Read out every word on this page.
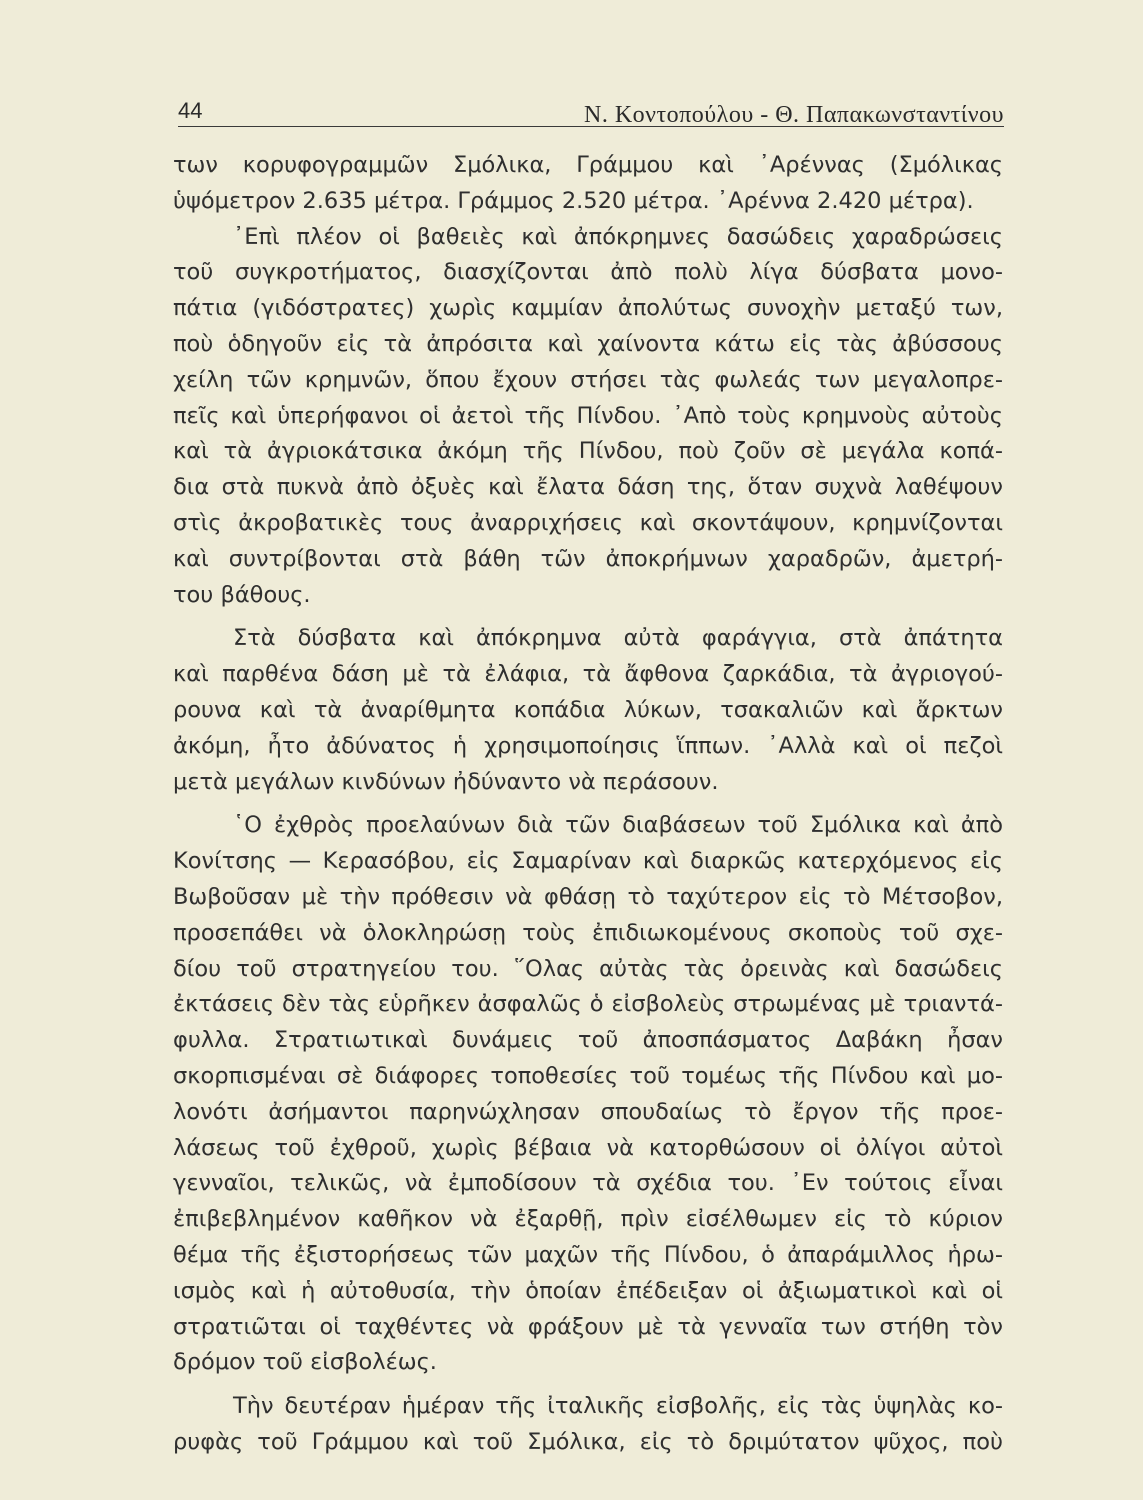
44	Ν. Κοντοπούλου - Θ. Παπακωνσταντίνου
των κορυφογραμμῶν Σμόλικα, Γράμμου καὶ ᾿Αρέννας (Σμόλικας
ὑψόμετρον 2.635 μέτρα. Γράμμος 2.520 μέτρα. ᾿Αρέννα 2.420 μέτρα).
᾿Επὶ πλέον οἱ βαθειὲς καὶ ἀπόκρημνες δασώδεις χαραδρώσεις
τοῦ συγκροτήματος, διασχίζονται ἀπὸ πολὺ λίγα δύσβατα μονο-
πάτια (γιδόστρατες) χωρὶς καμμίαν ἀπολύτως συνοχὴν μεταξύ των,
ποὺ ὁδηγοῦν εἰς τὰ ἀπρόσιτα καὶ χαίνοντα κάτω εἰς τὰς ἀβύσσους
χείλη τῶν κρημνῶν, ὅπου ἔχουν στήσει τὰς φωλεάς των μεγαλοπρε-
πεῖς καὶ ὑπερήφανοι οἱ ἀετοὶ τῆς Πίνδου. ᾿Απὸ τοὺς κρημνοὺς αὐτοὺς
καὶ τὰ ἀγριοκάτσικα ἀκόμη τῆς Πίνδου, ποὺ ζοῦν σὲ μεγάλα κοπά-
δια στὰ πυκνὰ ἀπὸ ὀξυὲς καὶ ἔλατα δάση της, ὅταν συχνὰ λαθέψουν
στὶς ἀκροβατικὲς τους ἀναρριχήσεις καὶ σκοντάψουν, κρημνίζονται
καὶ συντρίβονται στὰ βάθη τῶν ἀποκρήμνων χαραδρῶν, ἀμετρή-
του βάθους.
Στὰ δύσβατα καὶ ἀπόκρημνα αὐτὰ φαράγγια, στὰ ἀπάτητα
καὶ παρθένα δάση μὲ τὰ ἐλάφια, τὰ ἄφθονα ζαρκάδια, τὰ ἀγριογού-
ρουνα καὶ τὰ ἀναρίθμητα κοπάδια λύκων, τσακαλιῶν καὶ ἄρκτων
ἀκόμη, ἦτο ἀδύνατος ἡ χρησιμοποίησις ἵππων. ᾿Αλλὰ καὶ οἱ πεζοὶ
μετὰ μεγάλων κινδύνων ἠδύναντο νὰ περάσουν.
῾Ο ἐχθρὸς προελαύνων διὰ τῶν διαβάσεων τοῦ Σμόλικα καὶ ἀπὸ
Κονίτσης — Κερασόβου, εἰς Σαμαρίναν καὶ διαρκῶς κατερχόμενος εἰς
Βωβοῦσαν μὲ τὴν πρόθεσιν νὰ φθάσῃ τὸ ταχύτερον εἰς τὸ Μέτσοβον,
προσεπάθει νὰ ὁλοκληρώσῃ τοὺς ἐπιδιωκομένους σκοποὺς τοῦ σχε-
δίου τοῦ στρατηγείου του. ῞Ολας αὐτὰς τὰς ὀρεινὰς καὶ δασώδεις
ἐκτάσεις δὲν τὰς εὑρῆκεν ἀσφαλῶς ὁ εἰσβολεὺς στρωμένας μὲ τριαντά-
φυλλα. Στρατιωτικαὶ δυνάμεις τοῦ ἀποσπάσματος Δαβάκη ἦσαν
σκορπισμέναι σὲ διάφορες τοποθεσίες τοῦ τομέως τῆς Πίνδου καὶ μο-
λονότι ἀσήμαντοι παρηνώχλησαν σπουδαίως τὸ ἔργον τῆς προε-
λάσεως τοῦ ἐχθροῦ, χωρὶς βέβαια νὰ κατορθώσουν οἱ ὀλίγοι αὐτοὶ
γενναῖοι, τελικῶς, νὰ ἐμποδίσουν τὰ σχέδια του. ᾿Εν τούτοις εἶναι
ἐπιβεβλημένον καθῆκον νὰ ἐξαρθῇ, πρὶν εἰσέλθωμεν εἰς τὸ κύριον
θέμα τῆς ἐξιστορήσεως τῶν μαχῶν τῆς Πίνδου, ὁ ἀπαράμιλλος ἡρω-
ισμὸς καὶ ἡ αὐτοθυσία, τὴν ὁποίαν ἐπέδειξαν οἱ ἀξιωματικοὶ καὶ οἱ
στρατιῶται οἱ ταχθέντες νὰ φράξουν μὲ τὰ γενναῖα των στήθη τὸν
δρόμον τοῦ εἰσβολέως.
Τὴν δευτέραν ἡμέραν τῆς ἰταλικῆς εἰσβολῆς, εἰς τὰς ὑψηλὰς κο-
ρυφὰς τοῦ Γράμμου καὶ τοῦ Σμόλικα, εἰς τὸ δριμύτατον ψῦχος, ποὺ
